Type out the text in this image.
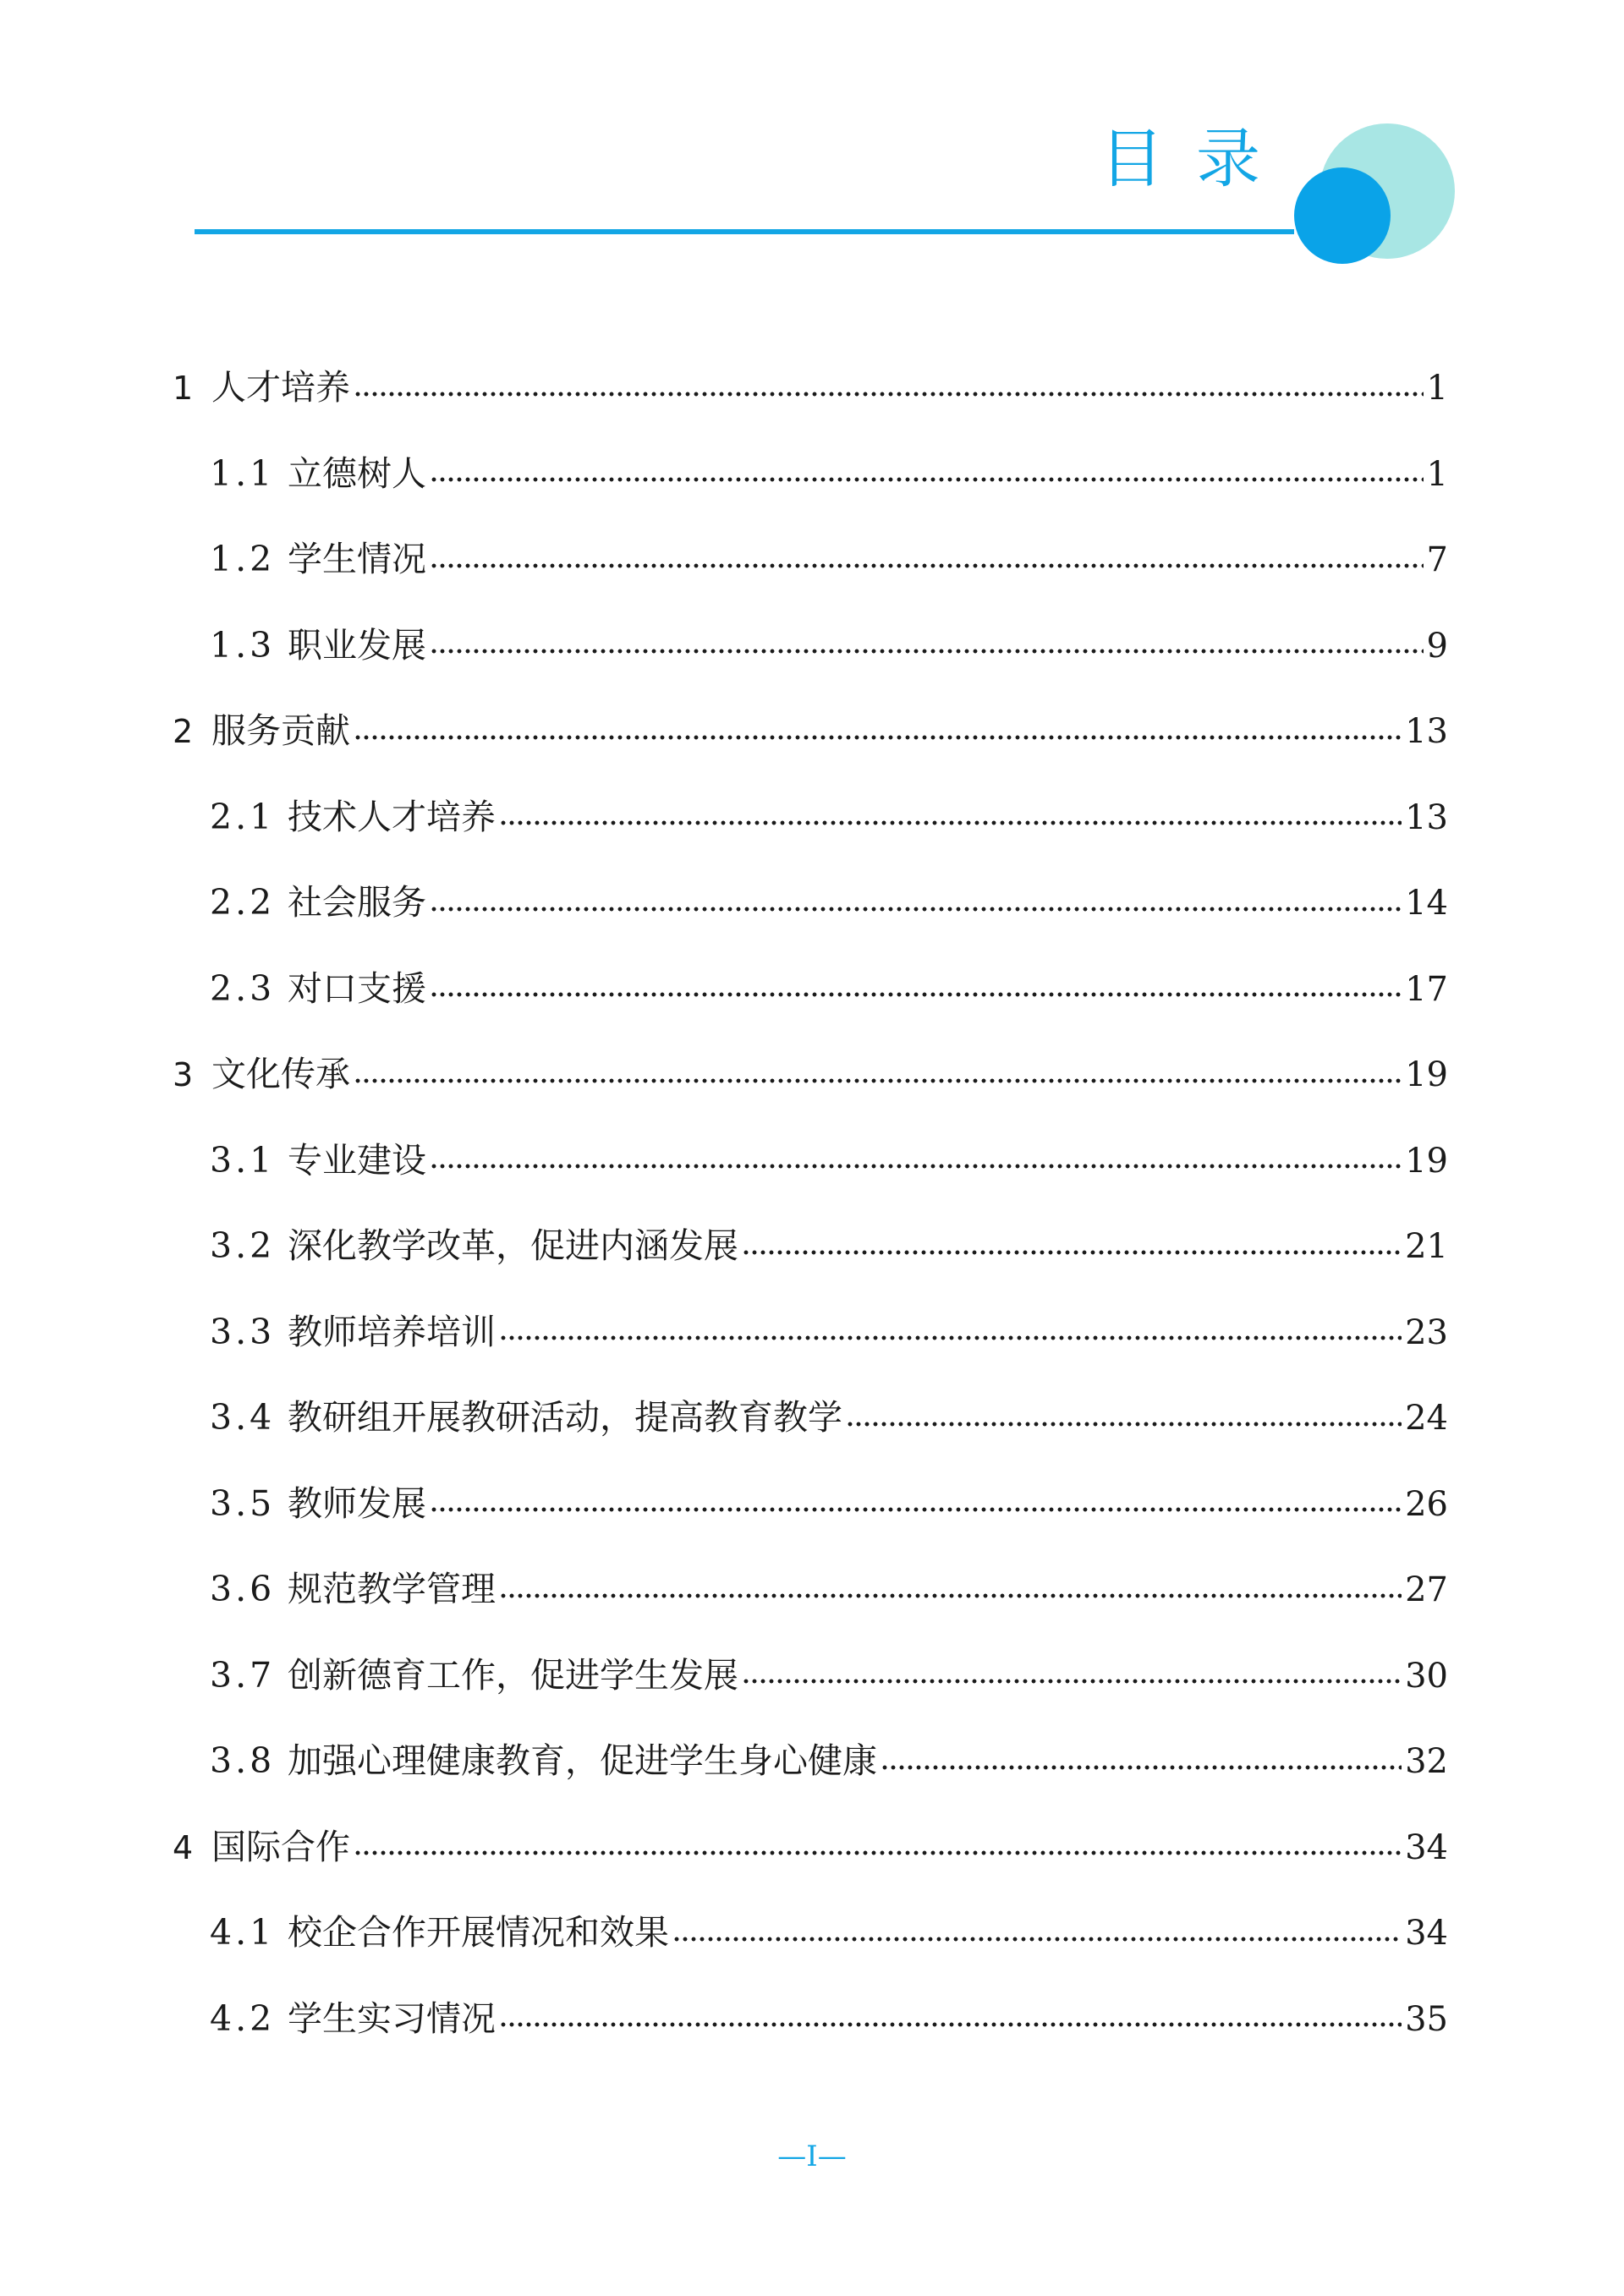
目录
1 人才培养	1
1.1 立德树人	1
1.2 学生情况	7
1.3 职业发展	9
2 服务贡献	13
2.1 技术人才培养	13
2.2 社会服务	14
2.3 对口支援	17
3 文化传承	19
3.1 专业建设	19
3.2 深化教学改革，促进内涵发展	21
3.3 教师培养培训	23
3.4 教研组开展教研活动，提高教育教学	24
3.5 教师发展	26
3.6 规范教学管理	27
3.7 创新德育工作，促进学生发展	30
3.8 加强心理健康教育，促进学生身心健康	32
4 国际合作	34
4.1 校企合作开展情况和效果	34
4.2 学生实习情况	35
—I—
